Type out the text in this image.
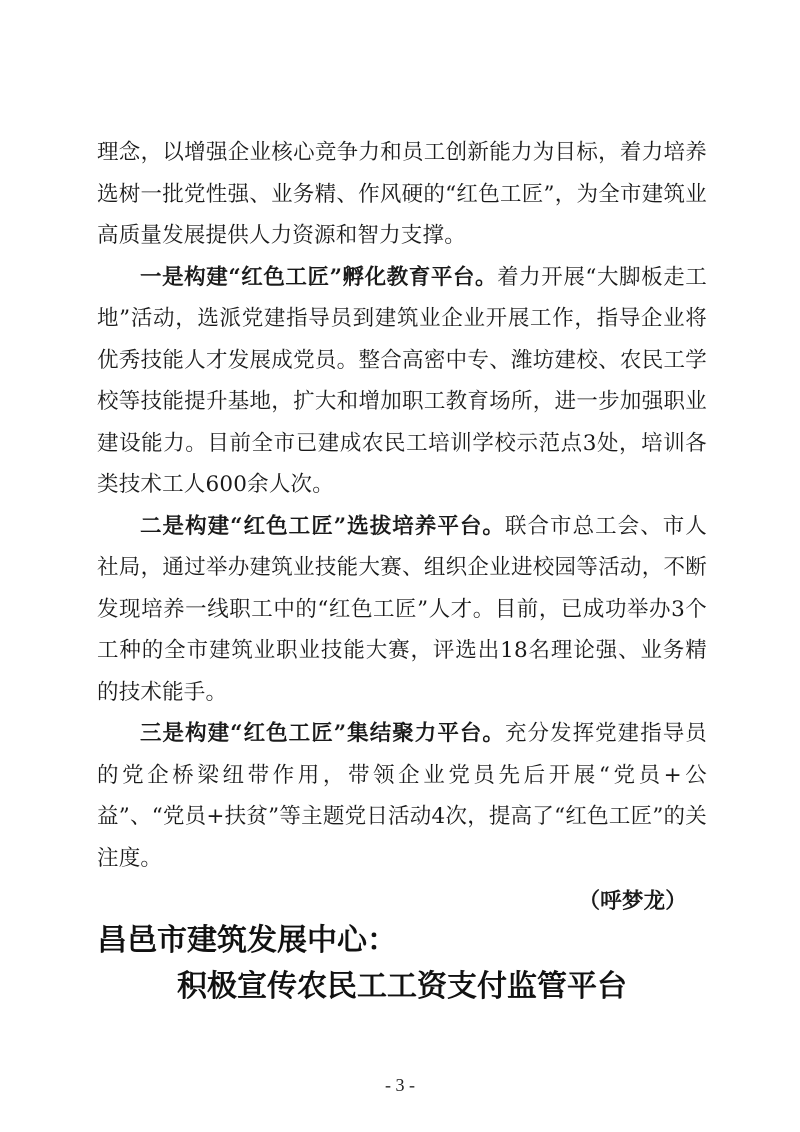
理念，以增强企业核心竞争力和员工创新能力为目标，着力培养选树一批党性强、业务精、作风硬的“红色工匠”，为全市建筑业高质量发展提供人力资源和智力支撑。

一是构建“红色工匠”孵化教育平台。着力开展“大脚板走工地”活动，选派党建指导员到建筑业企业开展工作，指导企业将优秀技能人才发展成党员。整合高密中专、潍坊建校、农民工学校等技能提升基地，扩大和增加职工教育场所，进一步加强职业建设能力。目前全市已建成农民工培训学校示范点3处，培训各类技术工人600余人次。

二是构建“红色工匠”选拔培养平台。联合市总工会、市人社局，通过举办建筑业技能大赛、组织企业进校园等活动，不断发现培养一线职工中的“红色工匠”人才。目前，已成功举办3个工种的全市建筑业职业技能大赛，评选出18名理论强、业务精的技术能手。

三是构建“红色工匠”集结聚力平台。充分发挥党建指导员的党企桥梁纽带作用，带领企业党员先后开展“党员+公益”、“党员+扶贫”等主题党日活动4次，提高了“红色工匠”的关注度。

（呼梦龙）

昌邑市建筑发展中心：
积极宣传农民工工资支付监管平台
- 3 -
